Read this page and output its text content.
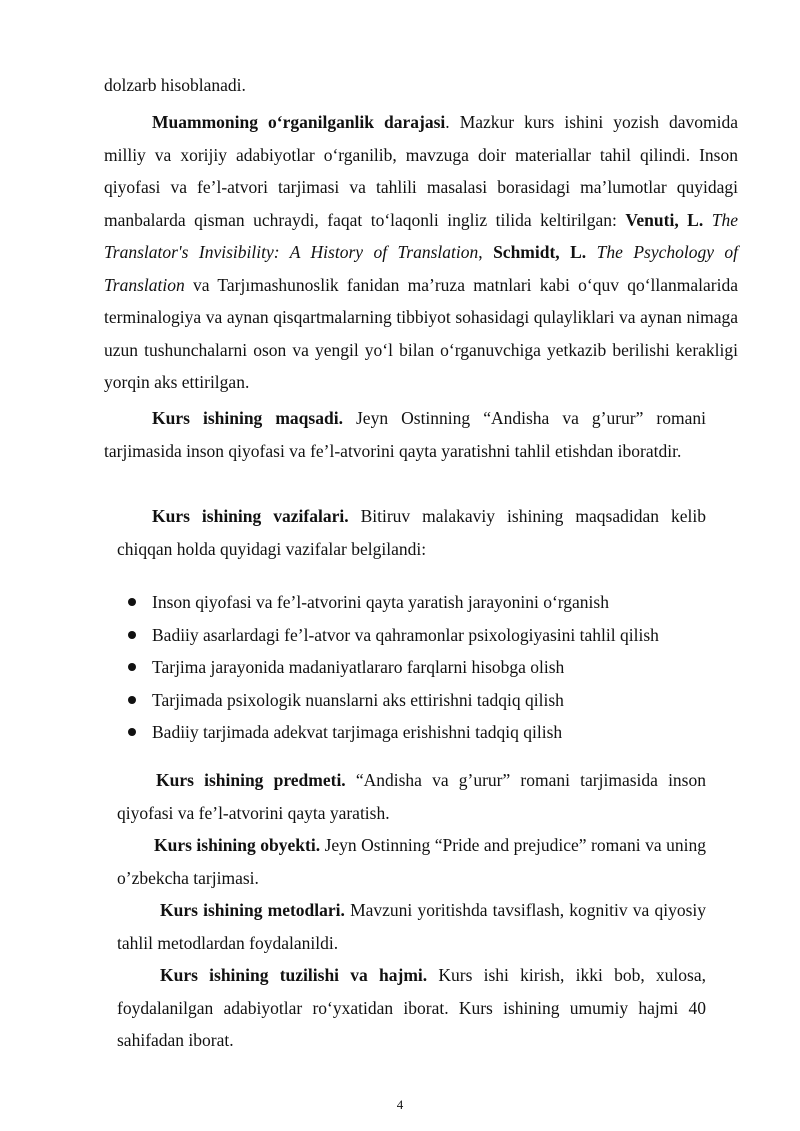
dolzarb hisoblanadi.

Muammoning o‘rganilganlik darajasi. Mazkur kurs ishini yozish davomida milliy va xorijiy adabiyotlar o‘rganilib, mavzuga doir materiallar tahil qilindi. Inson qiyofasi va fe’l-atvori tarjimasi va tahlili masalasi borasidagi ma’lumotlar quyidagi manbalarda qisman uchraydi, faqat to‘laqonli ingliz tilida keltirilgan: Venuti, L. The Translator's Invisibility: A History of Translation, Schmidt, L. The Psychology of Translation va Tarjımashunoslik fanidan ma’ruza matnlari kabi o‘quv qo‘llanmalarida terminalogiya va aynan qisqartmalarning tibbiyot sohasidagi qulayliklari va aynan nimaga uzun tushunchalarni oson va yengil yo‘l bilan o‘rganuvchiga yetkazib berilishi kerakligi yorqin aks ettirilgan.

Kurs ishining maqsadi. Jeyn Ostinning “Andisha va g’urur” romani tarjimasida inson qiyofasi va fe’l-atvorini qayta yaratishni tahlil etishdan iboratdir.

Kurs ishining vazifalari. Bitiruv malakaviy ishining maqsadidan kelib chiqqan holda quyidagi vazifalar belgilandi:

Inson qiyofasi va fe’l-atvorini qayta yaratish jarayonini o‘rganish
Badiiy asarlardagi fe’l-atvor va qahramonlar psixologiyasini tahlil qilish
Tarjima jarayonida madaniyatlararo farqlarni hisobga olish
Tarjimada psixologik nuanslarni aks ettirishni tadqiq qilish
Badiiy tarjimada adekvat tarjimaga erishishni tadqiq qilish

Kurs ishining predmeti. “Andisha va g’urur” romani tarjimasida inson qiyofasi va fe’l-atvorini qayta yaratish.

Kurs ishining obyekti. Jeyn Ostinning “Pride and prejudice” romani va uning o’zbekcha tarjimasi.

Kurs ishining metodlari. Mavzuni yoritishda tavsiflash, kognitiv va qiyosiy tahlil metodlardan foydalanildi.

Kurs ishining tuzilishi va hajmi. Kurs ishi kirish, ikki bob, xulosa, foydalanilgan adabiyotlar ro‘yxatidan iborat. Kurs ishining umumiy hajmi 40 sahifadan iborat.

4
